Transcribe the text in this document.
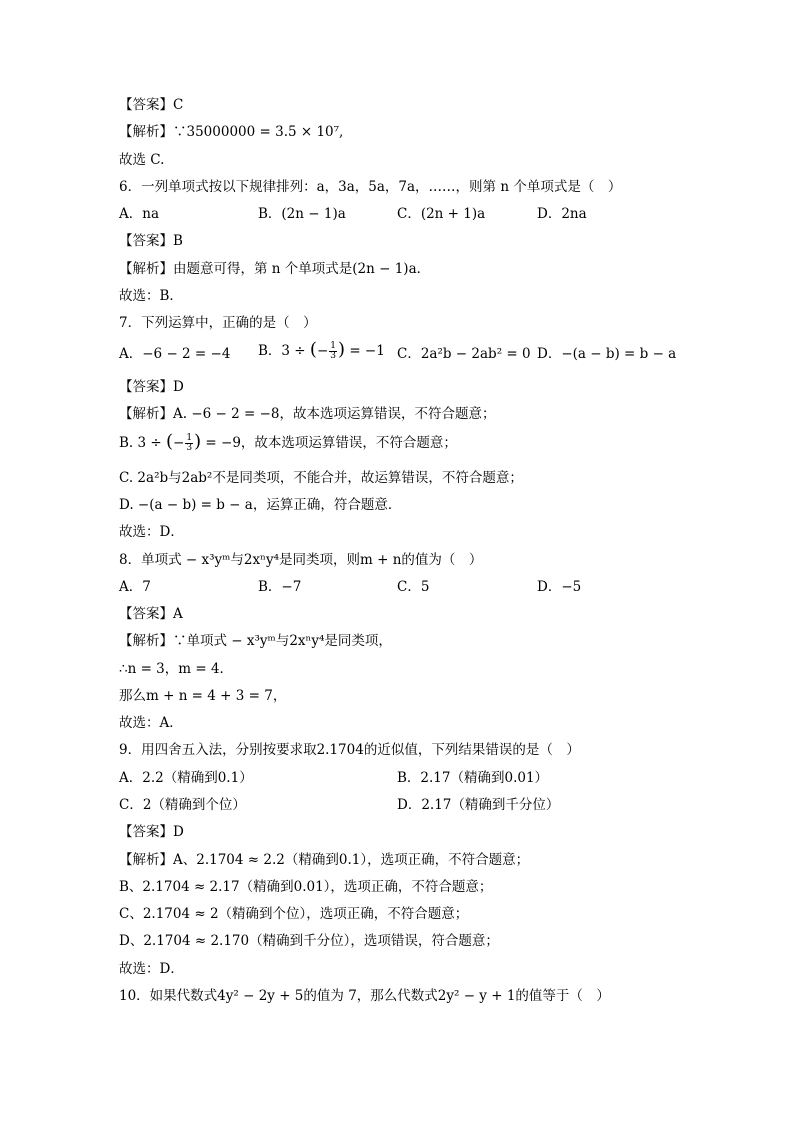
【答案】C
【解析】∵35000000 = 3.5 × 10⁷,
故选 C.
6．一列单项式按以下规律排列：a，3a，5a，7a，……，则第 n 个单项式是（　）
A．na	B．(2n − 1)a	C．(2n + 1)a	D．2na
【答案】B
【解析】由题意可得，第 n 个单项式是(2n − 1)a．
故选：B．
7．下列运算中，正确的是（　）
A．−6 − 2 = −4 B．3 ÷ (− $\frac{1}{3}$ ) = −1 C．2a²b − 2ab² = 0 D．−(a − b) = b − a
【答案】D
【解析】A. −6 − 2 = −8，故本选项运算错误，不符合题意；
B. 3 ÷ (− $\frac{1}{3}$ ) = −9，故本选项运算错误，不符合题意；
C. 2a²b与2ab²不是同类项，不能合并，故运算错误，不符合题意；
D. −(a − b) = b − a，运算正确，符合题意．
故选：D．
8．单项式 − x³yᵐ与2xⁿy⁴是同类项，则m + n的值为（　）
A．7	B．−7	C．5	D．−5
【答案】A
【解析】∵单项式 − x³yᵐ与2xⁿy⁴是同类项，
∴n = 3，m = 4．
那么m + n = 4 + 3 = 7，
故选：A．
9．用四舍五入法，分别按要求取2.1704的近似值，下列结果错误的是（　）
A．2.2（精确到0.1）	B．2.17（精确到0.01）
C．2（精确到个位）	D．2.17（精确到千分位）
【答案】D
【解析】A、2.1704 ≈ 2.2（精确到0.1），选项正确，不符合题意；
B、2.1704 ≈ 2.17（精确到0.01），选项正确，不符合题意；
C、2.1704 ≈ 2（精确到个位），选项正确，不符合题意；
D、2.1704 ≈ 2.170（精确到千分位），选项错误，符合题意；
故选：D．
10．如果代数式4y² − 2y + 5的值为 7，那么代数式2y² − y + 1的值等于（　）
